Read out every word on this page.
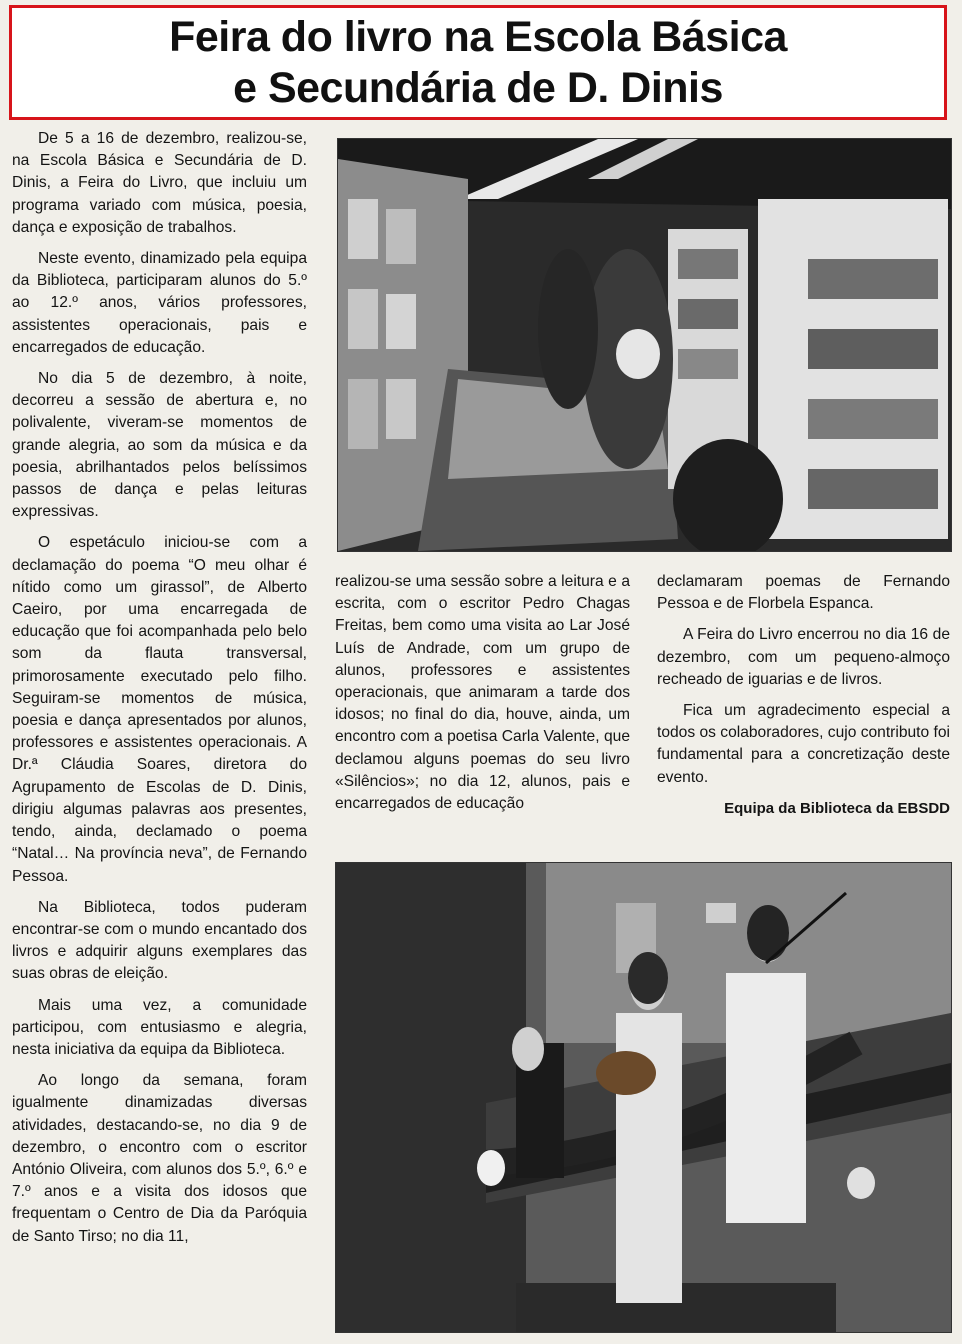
Feira do livro na Escola Básica
e Secundária de D. Dinis

De 5 a 16 de dezembro, realizou-se, na Escola Básica e Secundária de D. Dinis, a Feira do Livro, que incluiu um programa variado com música, poesia, dança e exposição de trabalhos.

Neste evento, dinamizado pela equipa da Biblioteca, participaram alunos do 5.º ao 12.º anos, vários professores, assistentes operacionais, pais e encarregados de educação.

No dia 5 de dezembro, à noite, decorreu a sessão de abertura e, no polivalente, viveram-se momentos de grande alegria, ao som da música e da poesia, abrilhantados pelos belíssimos passos de dança e pelas leituras expressivas.

O espetáculo iniciou-se com a declamação do poema “O meu olhar é nítido como um girassol”, de Alberto Caeiro, por uma encarregada de educação que foi acompanhada pelo belo som da flauta transversal, primorosamente executado pelo filho. Seguiram-se momentos de música, poesia e dança apresentados por alunos, professores e assistentes operacionais. A Dr.ª Cláudia Soares, diretora do Agrupamento de Escolas de D. Dinis, dirigiu algumas palavras aos presentes, tendo, ainda, declamado o poema “Natal… Na província neva”, de Fernando Pessoa.

Na Biblioteca, todos puderam encontrar-se com o mundo encantado dos livros e adquirir alguns exemplares das suas obras de eleição.

Mais uma vez, a comunidade participou, com entusiasmo e alegria, nesta iniciativa da equipa da Biblioteca.

Ao longo da semana, foram igualmente dinamizadas diversas atividades, destacando-se, no dia 9 de dezembro, o encontro com o escritor António Oliveira, com alunos dos 5.º, 6.º e 7.º anos e a visita dos idosos que frequentam o Centro de Dia da Paróquia de Santo Tirso; no dia 11,

realizou-se uma sessão sobre a leitura e a escrita, com o escritor Pedro Chagas Freitas, bem como uma visita ao Lar José Luís de Andrade, com um grupo de alunos, professores e assistentes operacionais, que animaram a tarde dos idosos; no final do dia, houve, ainda, um encontro com a poetisa Carla Valente, que declamou alguns poemas do seu livro «Silêncios»; no dia 12, alunos, pais e encarregados de educação

declamaram poemas de Fernando Pessoa e de Florbela Espanca.

A Feira do Livro encerrou no dia 16 de dezembro, com um pequeno-almoço recheado de iguarias e de livros.

Fica um agradecimento especial a todos os colaboradores, cujo contributo foi fundamental para a concretização deste evento.

Equipa da Biblioteca da EBSDD
